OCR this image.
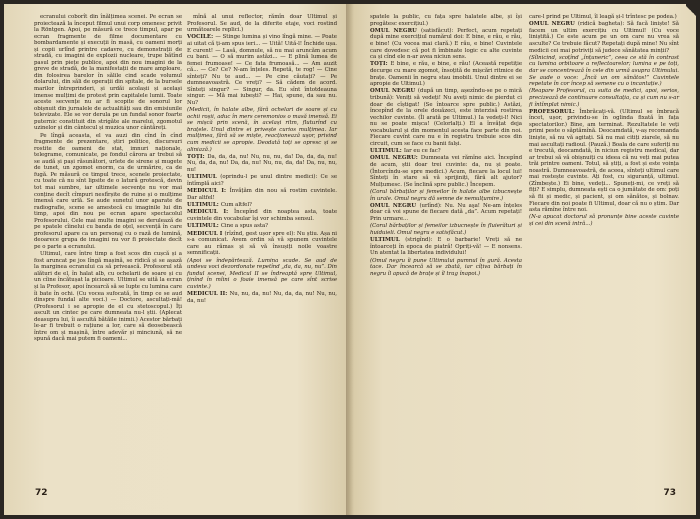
ecranului coborît din înălțimea scenei. Pe ecran se proiectează la început filmul unui corp omenesc privit la Röntgen. Apoi, pe măsură ce trece timpul, apar pe ecran fragmente de filme documentare cu bombardamente și execuții în masă, cu oameni morți și copii urlînd printre cadavre, cu demonstrații de stradă, cu imagini de explozii nucleare, trupe bătînd pasul prin piețe publice, apoi din nou imagini de la greve de stradă, de la manifestații de mare amploare, din folosirea barelor în sălile cind scade volumul dolarului, din săli de operații din spitale, de la bursele marilor întreprinderi, și urdăi acolașii și același imense mulțimi de protest prin capitalele lumii. Toate aceste secvențe nu ar fi scopite de sonorul lor obișnuit din jurnalele de actualități sau din emisiunile televizate. Ele se vor derula pe un fundal sonor foarte puternic constituit din strigăte ale marelui, zgomotul uzinelor și din cântecul și muzica unor cântăreți.

Pe lîngă aceasta, el va auzi din cînd în cînd fragmente de prezentare, știri politice, discursuri rostite de oameni de stat, imnuri naționale, telegrame, comunicate, pe fondul cărora ar trebui să se audă și pași răsunători, urlete de sirene și mugete de tunet, un zgomot enorm, ca de urmărire, ca de fugă. Pe măsură ce timpul trece, scenele proiectate, cu toate că nu sînt lipsite de o latură grotescă, devin tot mai sumbre, iar ultimele secvențe nu vor mai conține decît cîmpuri nesfîrșite de ruine și o mulțime imensă care urlă. Se aude sunetul unor aparate de radiografie, scene se amestecă cu imaginile lui din timp, apoi din nou pe ecran apare spectacolul Profesorului. Cele mai multe imagini se derulează de pe spatele cîinelui cu banda de oțel, secvență în care profesorul apare ca un personaj cu o rază de lumină, deoarece grupa de imagini nu vor fi proiectate decît pe o parte a ecranului.

Ultimul, care între timp a fost scos din cușcă și a fost aruncat pe jos lîngă mașină, se ridică și se așază la marginea ecranului ca să privească. Profesorul stă alături de el, în halat alb, cu ochelarii de soare și cu un cîine încătușat la picioare. Ultimul se uită la ecran și la Profesor, apoi încearcă să se lupte cu lumina care îi bate în ochi. (Cu vocea sufocată, în timp ce se aud dinspre fundal alte voci.) — Doctore, ascultați-mă! (Profesorul i se apropie de el cu stetoscopul.) Îți ascult un cintec pe care dumneata nu-l știi. (Aplecat deasupra lui, îi ascultă bătăile inimii.) Acestor bărbați le-ar fi trebuit o rațiune a lor, care să deosebească între om și mașină, între adevăr și minciună, să ne spună dacă mai putem fi oameni...

mînă al unui reflector, rămîn doar Ultimul și Profesorul. Se aud, de la diferite etaje, voci rostind următoarele replici.)

VOCILE: — Stinge lumina și vino lîngă mine. — Poate ai uitat că ți-am spus ieri... — Uită! Uită-l! Închide ușa. E curent! — Lasă, domnule, să nu mai aruncăm acum cu bani. — O să murim astăzi... — E plină lumea de femei frumoase! — Ce fata frumoasă... — Am auzit că... — Ce? Ce? N-am înțeles. Repetă, te rog! — Cine sînteți? Nu te aud... — Pe cine căutați? — Pe dumneavoastră. Ce vreți? — Să cădem de acord. Sînteți singur? — Singur, da. Eu sînt întotdeauna singur. — Mă mai iubești? — Hai, spune, da sau nu. Nu?

(Medicii, în halate albe, fără ochelari de soare și cu ochii roșii, aduc în mers ceremonios o masă imensă. Ei se mișcă prin scenă, în același ritm, fluturînd cu brațele. Unul dintre ei privește curios mulțimea. Iar mulțimea, fără să se miște, reacționează ușor, privind cum medicii se apropie. Deodată toți se opresc și se aliniază.)

TOȚI: Da, da, da, nu! Nu, nu, nu, da! Da, da, da, nu! Nu, da, da, nu! Da, da, nu! Nu, nu, da, da! Da, nu, nu, nu!

ULTIMUL (oprindu-l pe unul dintre medici): Ce se întîmplă aici?

MEDICUL I: Învățăm din nou să rostim cuvintele. Dar altfel!

ULTIMUL: Cum altfel?

MEDICUL I: Începînd din noaptea asta, toate cuvintele din vocabular își vor schimba sensul.

ULTIMUL: Cine a spus asta?

MEDICUL I (rîzînd, gest ușor spre el): Nu știu. Așa ni s-a comunicat. Avem ordin să vă spunem cuvintele care au rămas și să vă însușiți noile voastre semnificații.

(Apoi se îndepărtează. Lumina scade. Se aud de undeva voci dezordonate repetînd „da, da, nu, nu”. Din fundul scenei, Medicul II se îndreaptă spre Ultimul, ținînd în mîini o foaie imensă pe care sînt scrise cuvinte.)

MEDICUL II: Nu, nu, da, nu! Nu, da, da, nu! Nu, nu, da, nu!

72

spatele la public, cu fața spre halatele albe, și își pregătesc exercițiul.)

OMUL NEGRU (satisfăcut): Perfect, acum repetați după mine exercițiul numărul doi: E bine, e rău, e rău, e bine! (Cu vocea mai clară.) E rău, e bine! Cuvintele care dovedesc că pot fi îmbinate logic cu alte cuvinte ca și cînd ele n-ar avea niciun sens.

TOȚI: E bine, e rău, e bine, e rău! (Această repetiție decurge cu mare zgomot, însoțită de mișcări ritmice de brațe. Oamenii în negru stau imobili. Unul dintre ei se apropie de Ultimul.)

OMUL NEGRU (după un timp, așezîndu-se pe o mică tribună): Veniți să vedeți! Nu aveți nimic de pierdut ci doar de cîștigat! (Se întoarce spre public.) Astăzi, începînd de la orele douăzeci, este interzisă rostirea vechilor cuvinte. (Îl arată pe Ultimul.) Ia vedeți-l! Nici nu se poate mișca! (Celorlalți.) El a învățat deja vocabularul și din momentul acesta face parte din noi. Fiecare cuvînt care nu e în registru trebuie scos din circuit, cum se face cu banii falși.

ULTIMUL: Iar eu ce fac?

OMUL NEGRU: Dumneata vei rămîne aici. Începînd de acum, știi doar trei cuvinte: da, nu și poate. (Întorcîndu-se spre medici.) Acum, fiecare la locul lui! Sînteți în stare să vă sprijiniți, fără alt ajutor? Mulțumesc. (Se înclină spre public.) Începem.

(Corul bărbaților și femeilor în halate albe izbucnește în urale. Omul negru dă semne de nemulțumire.)

OMUL NEGRU (urlînd): Nu. Nu aşa! Ne-am înțeles doar că voi spune de fiecare dată „da”. Acum repetați! Prin urmare...

(Corul bărbaților și femeilor izbucnește în fluierături și huiduieli. Omul negru e satisfăcut.)

ULTIMUL (strigînd): E o barbarie! Vreți să ne întoarceți în epoca de piatră! Opriți-vă! — E nonsens. Un atentat la libertatea individului!

(Omul negru îi pune Ultimului pumnul în gură. Acesta tace. Dar încearcă să se zbată, iar cîțiva bărbați în negru îl apucă de brațe și îl trag înapoi.)

care-l prind pe Ultimul, îl leagă și-l trîntesc pe podea.)

OMUL NEGRU (ridică bagheta): Să facă liniște! Să facem un ultim exercițiu cu Ultimul! (Cu voce liniștită.) Ce este acum pe un om care nu vrea să asculte? Ce trebuie făcut? Repetați după mine! Nu sînt medicii cei mai potriviți să judece sănătatea minții?

(Sîlnicind, scoțînd „înțuneric”, ceea ce stă în contrast cu lumina orbitoare a reflectoarelor; lumina e pe toți, dar se concentrează în cele din urmă asupra Ultimului. Se aude o voce: „Încă un om sănătos!” Cuvintele repetate în cor încep să semene cu o incantație.)

(Reapare Profesorul, cu suita de medici, apoi, serios, precizează de continuare consultația, ca și cum nu s-ar fi întîmplat nimic.)

PROFESORUL: Îmbrăcați-vă. (Ultimul se îmbracă încet, ușor, privindu-se în oglinda fixată în fața spectatorilor.) Bine, am terminat. Rezultatele le veți primi peste o săptămînă. Deocamdată, v-aș recomanda liniște, să nu vă agitați. Să nu mai citiți ziarele, să nu mai ascultați radioul. (Pauză.) Boala de care suferiți nu e trecută, deocamdată, în niciun registru medical, dar ar trebui să vă obișnuiți cu ideea că nu veți mai putea trăi printre oameni. Totul, să știți, a fost și este voința noastră. Dumneavoastră, de aceea, sînteți ultimul care mai rostește cuvinte. Ați fost, cu siguranță, ultimul. (Zîmbește.) Ei bine, vedeți... Spuneți-mi, ce vreți să fiți? E simplu, dumneata ești ca o jumătate de om: poți să fii și medic, și pacient, și om sănătos, și bolnav. Fiecare din noi poate fi Ultimul, doar că nu o știm. Dar asta rămîne între noi.

(N-a apucat doctorul să pronunțe bine aceste cuvinte și cei din scenă intră...)

73
